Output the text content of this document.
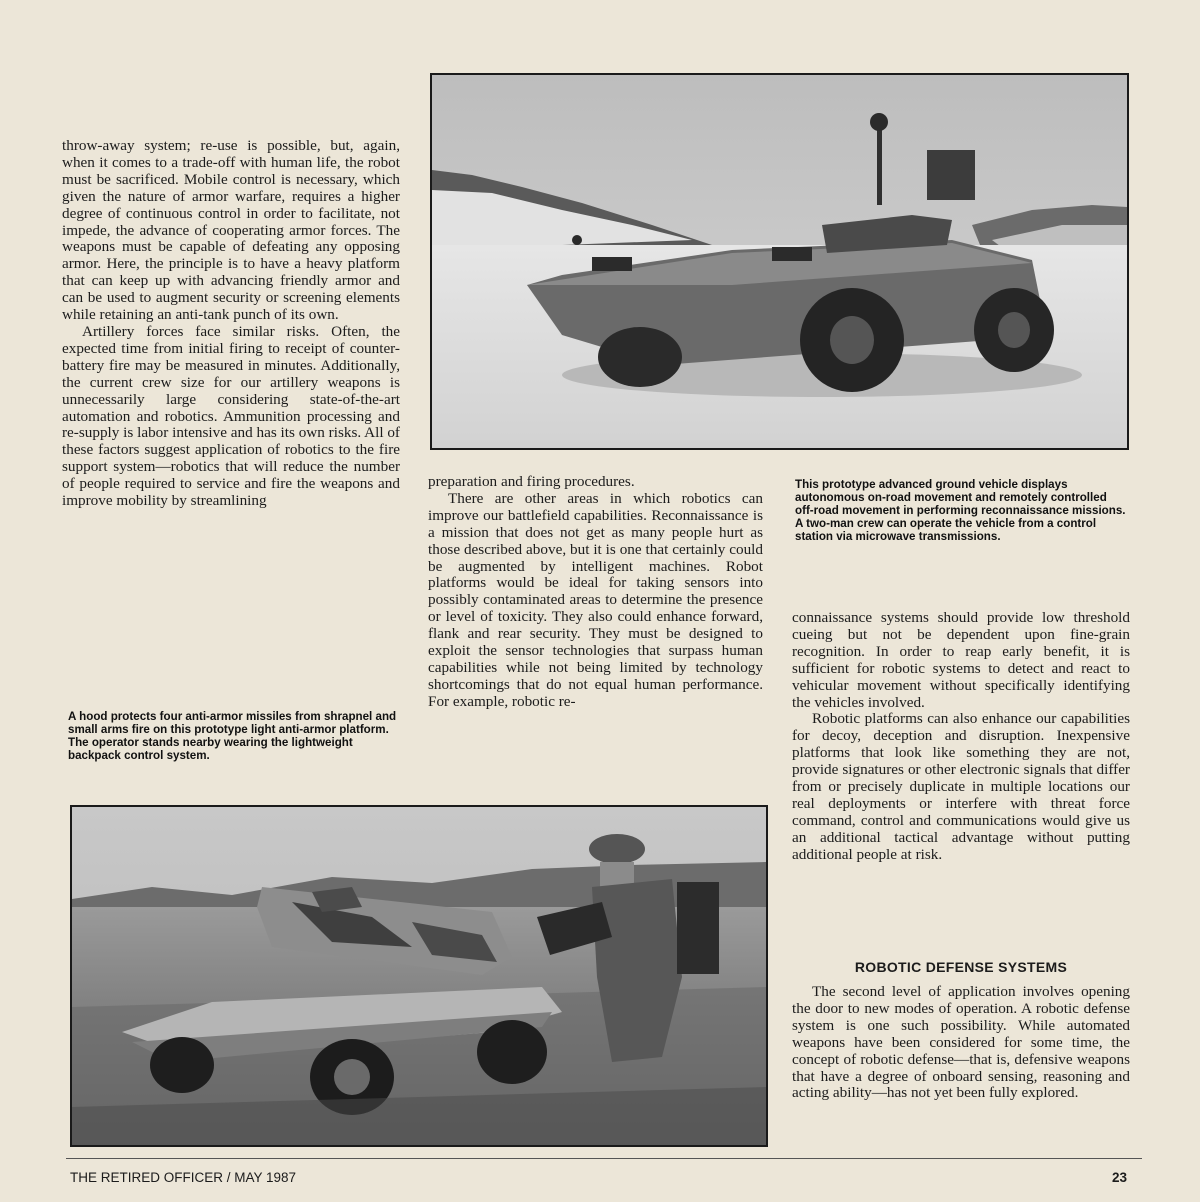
throw-away system; re-use is possible, but, again, when it comes to a trade-off with human life, the robot must be sacrificed. Mobile control is necessary, which given the nature of armor warfare, requires a higher degree of continuous control in order to facilitate, not impede, the advance of cooperating armor forces. The weapons must be capable of defeating any opposing armor. Here, the principle is to have a heavy platform that can keep up with advancing friendly armor and can be used to augment security or screening elements while retaining an anti-tank punch of its own.

Artillery forces face similar risks. Often, the expected time from initial firing to receipt of counter-battery fire may be measured in minutes. Additionally, the current crew size for our artillery weapons is unnecessarily large considering state-of-the-art automation and robotics. Ammunition processing and re-supply is labor intensive and has its own risks. All of these factors suggest application of robotics to the fire support system—robotics that will reduce the number of people required to service and fire the weapons and improve mobility by streamlining

preparation and firing procedures.

There are other areas in which robotics can improve our battlefield capabilities. Reconnaissance is a mission that does not get as many people hurt as those described above, but it is one that certainly could be augmented by intelligent machines. Robot platforms would be ideal for taking sensors into possibly contaminated areas to determine the presence or level of toxicity. They also could enhance forward, flank and rear security. They must be designed to exploit the sensor technologies that surpass human capabilities while not being limited by technology shortcomings that do not equal human performance. For example, robotic re-

This prototype advanced ground vehicle displays autonomous on-road movement and remotely controlled off-road movement in performing reconnaissance missions. A two-man crew can operate the vehicle from a control station via microwave transmissions.

connaissance systems should provide low threshold cueing but not be dependent upon fine-grain recognition. In order to reap early benefit, it is sufficient for robotic systems to detect and react to vehicular movement without specifically identifying the vehicles involved.

Robotic platforms can also enhance our capabilities for decoy, deception and disruption. Inexpensive platforms that look like something they are not, provide signatures or other electronic signals that differ from or precisely duplicate in multiple locations our real deployments or interfere with threat force command, control and communications would give us an additional tactical advantage without putting additional people at risk.

ROBOTIC DEFENSE SYSTEMS

The second level of application involves opening the door to new modes of operation. A robotic defense system is one such possibility. While automated weapons have been considered for some time, the concept of robotic defense—that is, defensive weapons that have a degree of onboard sensing, reasoning and acting ability—has not yet been fully explored.

A hood protects four anti-armor missiles from shrapnel and small arms fire on this prototype light anti-armor platform. The operator stands nearby wearing the lightweight backpack control system.
THE RETIRED OFFICER / MAY 1987	23
